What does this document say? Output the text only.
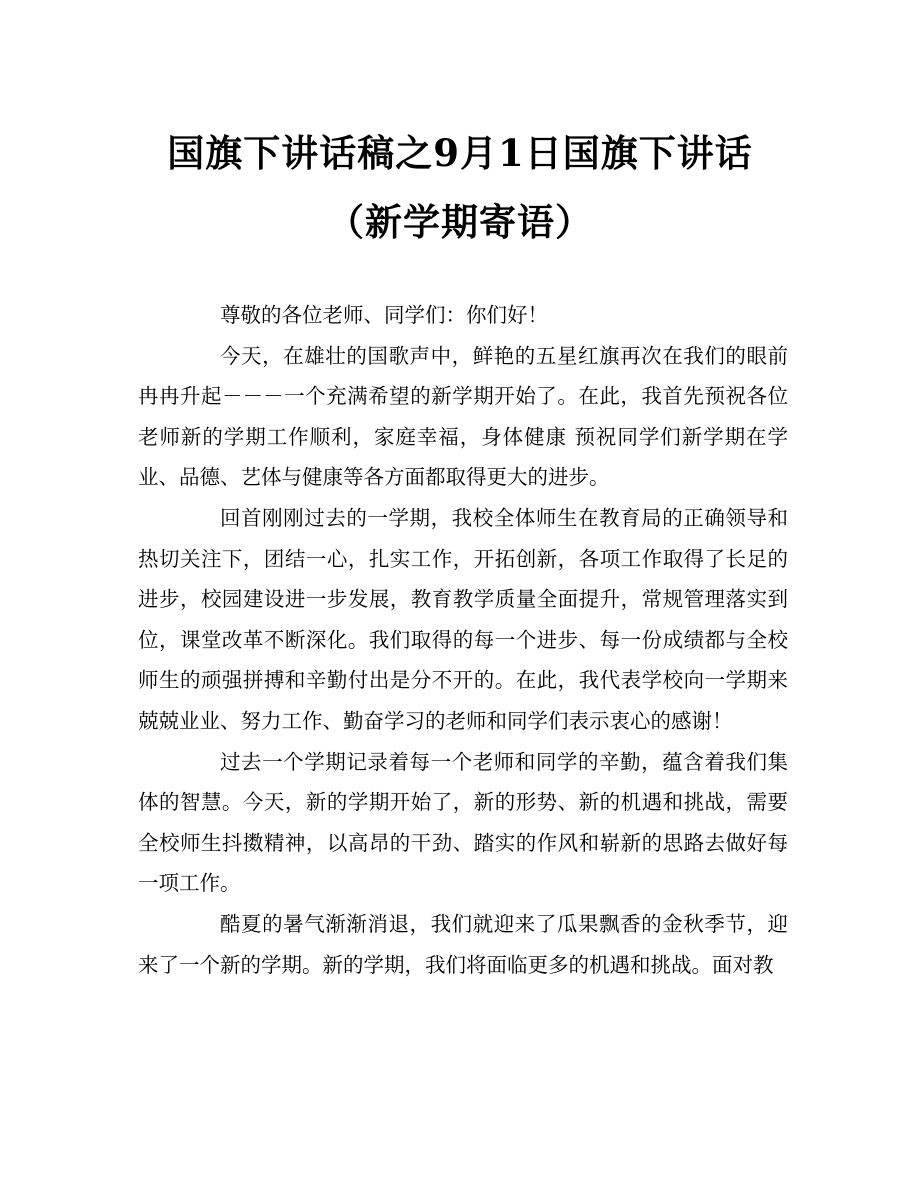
国旗下讲话稿之9月1日国旗下讲话
（新学期寄语）

尊敬的各位老师、同学们：你们好！

今天，在雄壮的国歌声中，鲜艳的五星红旗再次在我们的眼前冉冉升起－－－一个充满希望的新学期开始了。在此，我首先预祝各位老师新的学期工作顺利，家庭幸福，身体健康 预祝同学们新学期在学业、品德、艺体与健康等各方面都取得更大的进步。

回首刚刚过去的一学期，我校全体师生在教育局的正确领导和热切关注下，团结一心，扎实工作，开拓创新，各项工作取得了长足的进步，校园建设进一步发展，教育教学质量全面提升，常规管理落实到位，课堂改革不断深化。我们取得的每一个进步、每一份成绩都与全校师生的顽强拼搏和辛勤付出是分不开的。在此，我代表学校向一学期来兢兢业业、努力工作、勤奋学习的老师和同学们表示衷心的感谢！

过去一个学期记录着每一个老师和同学的辛勤，蕴含着我们集体的智慧。今天，新的学期开始了，新的形势、新的机遇和挑战，需要全校师生抖擞精神，以高昂的干劲、踏实的作风和崭新的思路去做好每一项工作。

酷夏的暑气渐渐消退，我们就迎来了瓜果飘香的金秋季节，迎来了一个新的学期。新的学期，我们将面临更多的机遇和挑战。面对教
